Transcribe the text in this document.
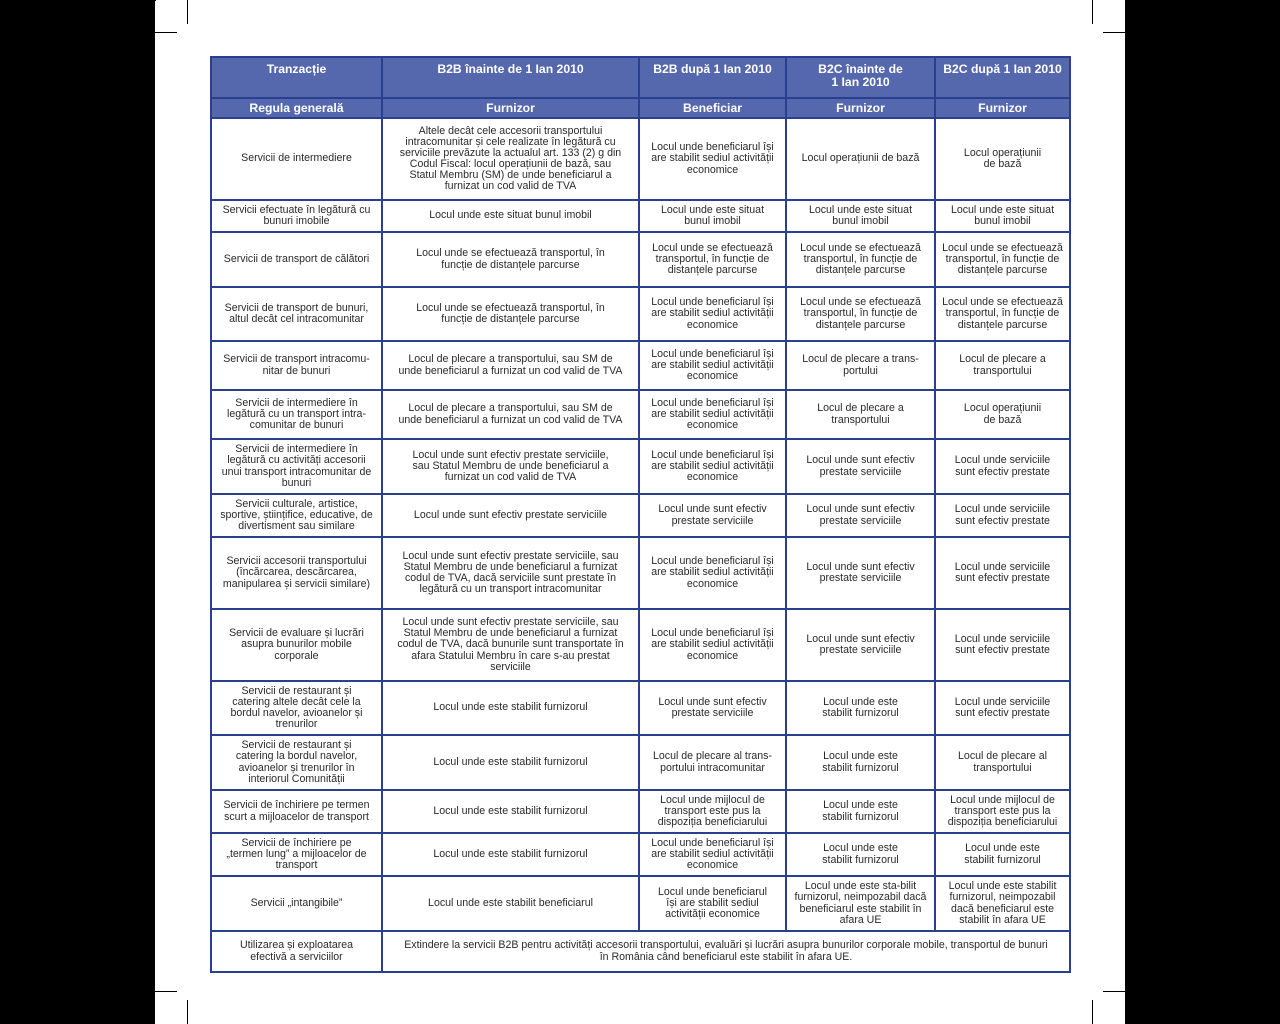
Tranzacție	B2B înainte de 1 Ian 2010	B2B după 1 Ian 2010	B2C înainte de 1 Ian 2010	B2C după 1 Ian 2010
Regula generală	Furnizor	Beneficiar	Furnizor	Furnizor
Servicii de intermediere	Altele decât cele accesorii transportului intracomunitar și cele realizate în legătură cu serviciile prevăzute la actualul art. 133 (2) g din Codul Fiscal: locul operațiunii de bază, sau Statul Membru (SM) de unde beneficiarul a furnizat un cod valid de TVA	Locul unde beneficiarul își are stabilit sediul activității economice	Locul operațiunii de bază	Locul operațiunii de bază
Servicii efectuate în legătură cu bunuri imobile	Locul unde este situat bunul imobil	Locul unde este situat bunul imobil	Locul unde este situat bunul imobil	Locul unde este situat bunul imobil
Servicii de transport de călători	Locul unde se efectuează transportul, în funcție de distanțele parcurse	Locul unde se efectuează transportul, în funcție de distanțele parcurse	Locul unde se efectuează transportul, în funcție de distanțele parcurse	Locul unde se efectuează transportul, în funcție de distanțele parcurse
Servicii de transport de bunuri, altul decât cel intracomunitar	Locul unde se efectuează transportul, în funcție de distanțele parcurse	Locul unde beneficiarul își are stabilit sediul activității economice	Locul unde se efectuează transportul, în funcție de distanțele parcurse	Locul unde se efectuează transportul, în funcție de distanțele parcurse
Servicii de transport intracomu-nitar de bunuri	Locul de plecare a transportului, sau SM de unde beneficiarul a furnizat un cod valid de TVA	Locul unde beneficiarul își are stabilit sediul activității economice	Locul de plecare a trans-portului	Locul de plecare a transportului
Servicii de intermediere în legătură cu un transport intra-comunitar de bunuri	Locul de plecare a transportului, sau SM de unde beneficiarul a furnizat un cod valid de TVA	Locul unde beneficiarul își are stabilit sediul activității economice	Locul de plecare a transportului	Locul operațiunii de bază
Servicii de intermediere în legătură cu activități accesorii unui transport intracomunitar de bunuri	Locul unde sunt efectiv prestate serviciile, sau Statul Membru de unde beneficiarul a furnizat un cod valid de TVA	Locul unde beneficiarul își are stabilit sediul activității economice	Locul unde sunt efectiv prestate serviciile	Locul unde serviciile sunt efectiv prestate
Servicii culturale, artistice, sportive, științifice, educative, de divertisment sau similare	Locul unde sunt efectiv prestate serviciile	Locul unde sunt efectiv prestate serviciile	Locul unde sunt efectiv prestate serviciile	Locul unde serviciile sunt efectiv prestate
Servicii accesorii transportului (încărcarea, descărcarea, manipularea și servicii similare)	Locul unde sunt efectiv prestate serviciile, sau Statul Membru de unde beneficiarul a furnizat codul de TVA, dacă serviciile sunt prestate în legătură cu un transport intracomunitar	Locul unde beneficiarul își are stabilit sediul activității economice	Locul unde sunt efectiv prestate serviciile	Locul unde serviciile sunt efectiv prestate
Servicii de evaluare și lucrări asupra bunurilor mobile corporale	Locul unde sunt efectiv prestate serviciile, sau Statul Membru de unde beneficiarul a furnizat codul de TVA, dacă bunurile sunt transportate în afara Statului Membru în care s-au prestat serviciile	Locul unde beneficiarul își are stabilit sediul activității economice	Locul unde sunt efectiv prestate serviciile	Locul unde serviciile sunt efectiv prestate
Servicii de restaurant și catering altele decât cele la bordul navelor, avioanelor și trenurilor	Locul unde este stabilit furnizorul	Locul unde sunt efectiv prestate serviciile	Locul unde este stabilit furnizorul	Locul unde serviciile sunt efectiv prestate
Servicii de restaurant și catering la bordul navelor, avioanelor și trenurilor în interiorul Comunității	Locul unde este stabilit furnizorul	Locul de plecare al trans-portului intracomunitar	Locul unde este stabilit furnizorul	Locul de plecare al transportului
Servicii de închiriere pe termen scurt a mijloacelor de transport	Locul unde este stabilit furnizorul	Locul unde mijlocul de transport este pus la dispoziția beneficiarului	Locul unde este stabilit furnizorul	Locul unde mijlocul de transport este pus la dispoziția beneficiarului
Servicii de închiriere pe „termen lung” a mijloacelor de transport	Locul unde este stabilit furnizorul	Locul unde beneficiarul își are stabilit sediul activității economice	Locul unde este stabilit furnizorul	Locul unde este stabilit furnizorul
Servicii „intangibile”	Locul unde este stabilit beneficiarul	Locul unde beneficiarul își are stabilit sediul activității economice	Locul unde este sta-bilit furnizorul, neimpozabil dacă beneficiarul este stabilit în afara UE	Locul unde este stabilit furnizorul, neimpozabil dacă beneficiarul este stabilit în afara UE
Utilizarea și exploatarea efectivă a serviciilor	Extindere la servicii B2B pentru activități accesorii transportului, evaluări și lucrări asupra bunurilor corporale mobile, transportul de bunuri în România când beneficiarul este stabilit în afara UE.			
